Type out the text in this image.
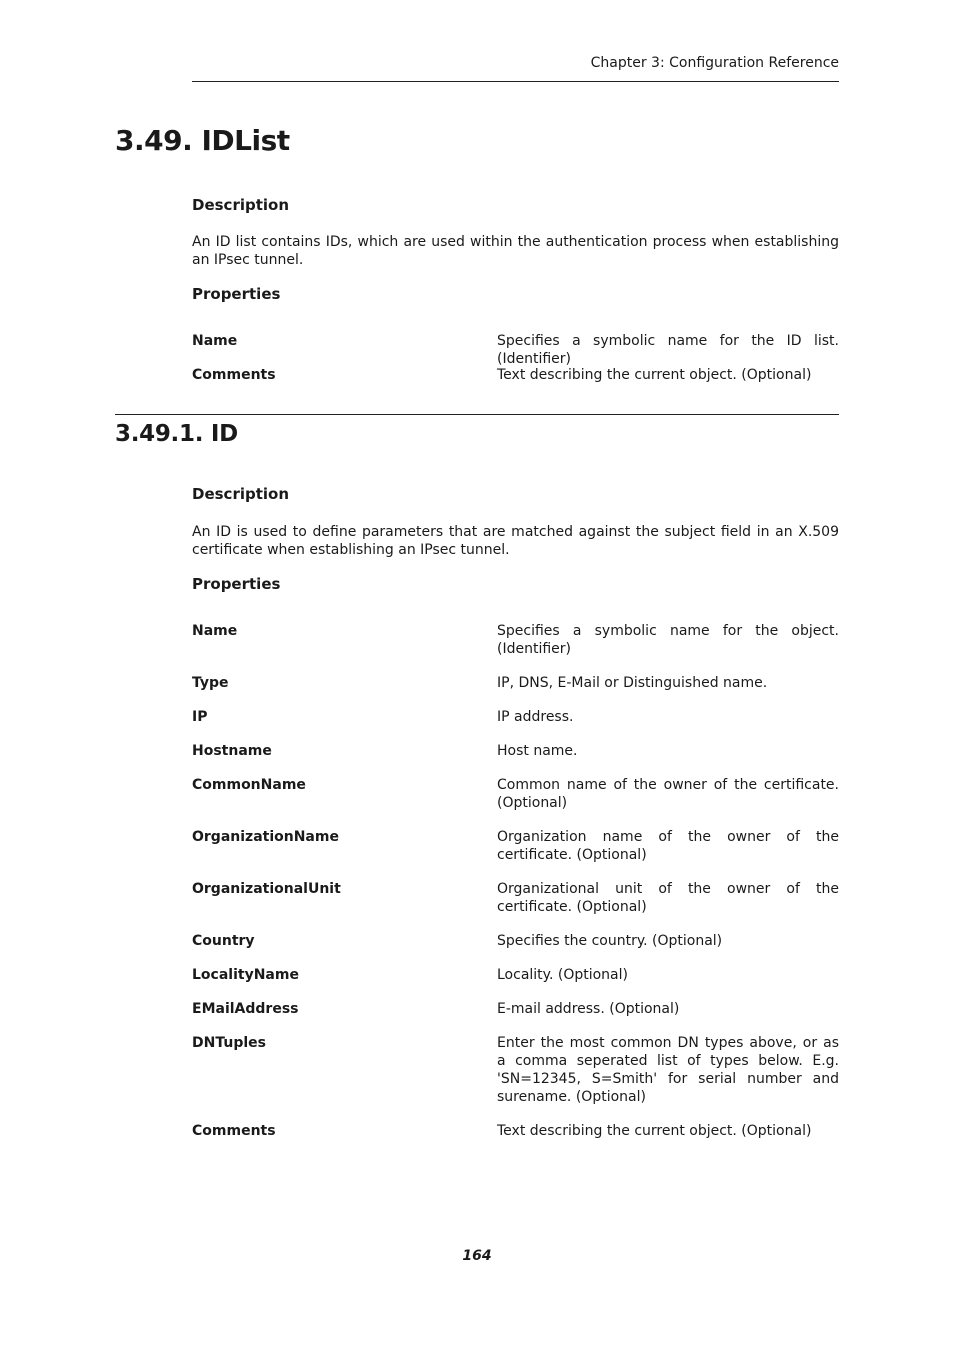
Chapter 3: Configuration Reference
3.49. IDList
Description

An ID list contains IDs, which are used within the authentication process when establishing an IPsec tunnel.

Properties
Name	Specifies a symbolic name for the ID list. (Identifier)
Comments	Text describing the current object. (Optional)
3.49.1. ID
Description

An ID is used to define parameters that are matched against the subject field in an X.509 certificate when establishing an IPsec tunnel.

Properties
Name	Specifies a symbolic name for the object. (Identifier)
Type	IP, DNS, E-Mail or Distinguished name.
IP	IP address.
Hostname	Host name.
CommonName	Common name of the owner of the certificate. (Optional)
OrganizationName	Organization name of the owner of the certificate. (Optional)
OrganizationalUnit	Organizational unit of the owner of the certificate. (Optional)
Country	Specifies the country. (Optional)
LocalityName	Locality. (Optional)
EMailAddress	E-mail address. (Optional)
DNTuples	Enter the most common DN types above, or as a comma seperated list of types below. E.g. 'SN=12345, S=Smith' for serial number and surename. (Optional)
Comments	Text describing the current object. (Optional)
164
